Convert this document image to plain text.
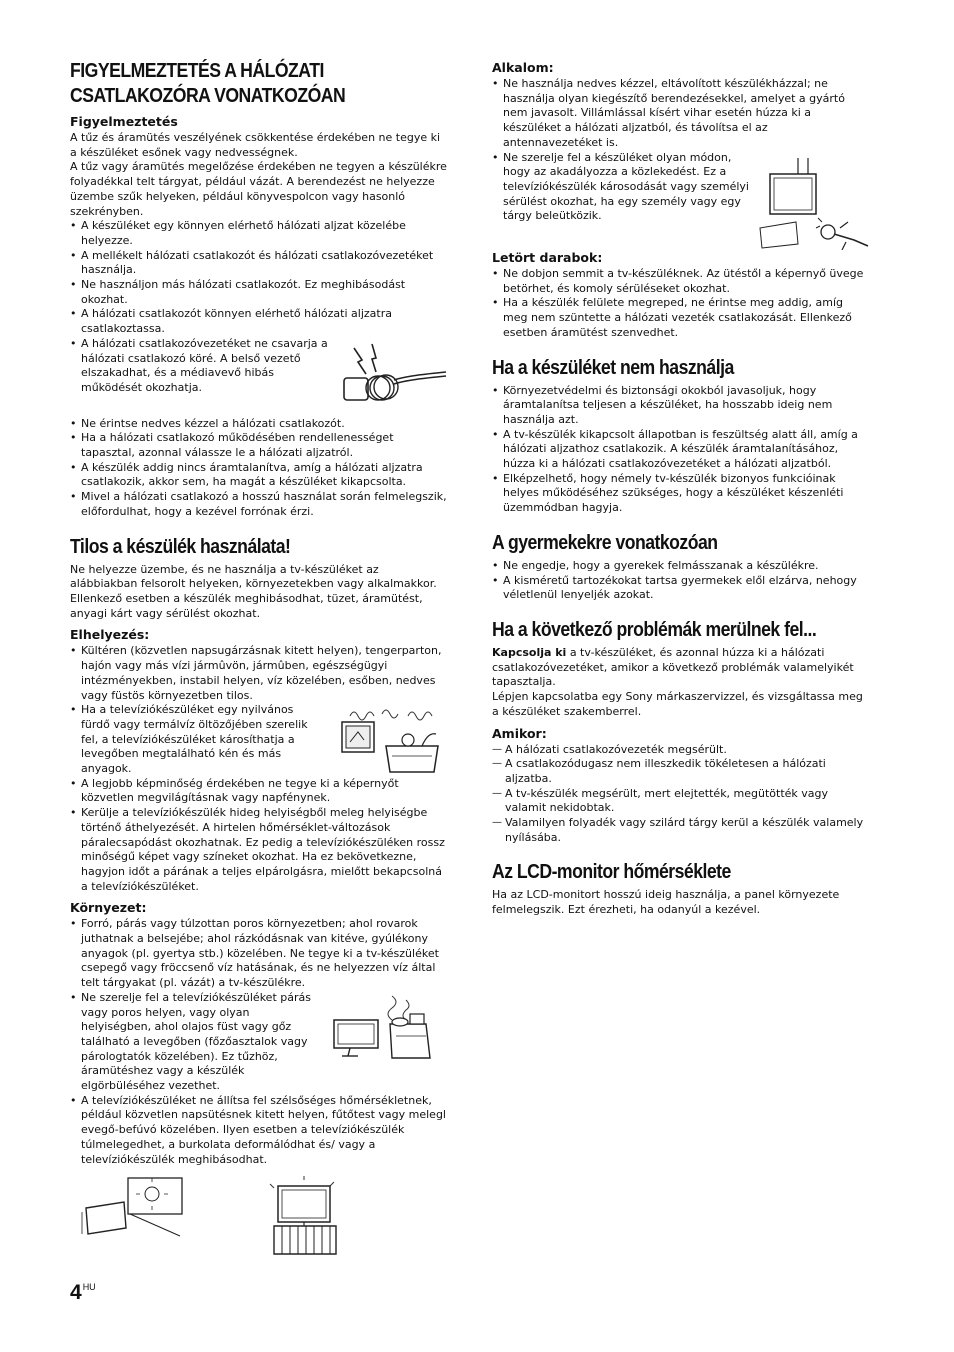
FIGYELMEZTETÉS A HÁLÓZATI CSATLAKOZÓRA VONATKOZÓAN
Figyelmeztetés

A tűz és áramütés veszélyének csökkentése érdekében ne tegye ki a készüléket esőnek vagy nedvességnek.

A tűz vagy áramütés megelőzése érdekében ne tegyen a készülékre folyadékkal telt tárgyat, például vázát. A berendezést ne helyezze üzembe szűk helyeken, például könyvespolcon vagy hasonló szekrényben.

• A készüléket egy könnyen elérhető hálózati aljzat közelébe helyezze.
• A mellékelt hálózati csatlakozót és hálózati csatlakozóvezetéket használja.
• Ne használjon más hálózati csatlakozót. Ez meghibásodást okozhat.
• A hálózati csatlakozót könnyen elérhető hálózati aljzatra csatlakoztassa.
• A hálózati csatlakozóvezetéket ne csavarja a hálózati csatlakozó köré. A belső vezető elszakadhat, és a médiavevő hibás működését okozhatja.
• Ne érintse nedves kézzel a hálózati csatlakozót.
• Ha a hálózati csatlakozó működésében rendellenességet tapasztal, azonnal válassze le a hálózati aljzatról.
• A készülék addig nincs áramtalanítva, amíg a hálózati aljzatra csatlakozik, akkor sem, ha magát a készüléket kikapcsolta.
• Mivel a hálózati csatlakozó a hosszú használat során felmelegszik, előfordulhat, hogy a kezével forrónak érzi.
Tilos a készülék használata!

Ne helyezze üzembe, és ne használja a tv-készüléket az alábbiakban felsorolt helyeken, környezetekben vagy alkalmakkor. Ellenkező esetben a készülék meghibásodhat, tüzet, áramütést, anyagi kárt vagy sérülést okozhat.

Elhelyezés:
• Kültéren (közvetlen napsugárzásnak kitett helyen), tengerparton, hajón vagy más vízi jármûvön, jármûben, egészségügyi intézményekben, instabil helyen, víz közelében, esőben, nedves vagy füstös környezetben tilos.
• Ha a televíziókészüléket egy nyilvános fürdő vagy termálvíz öltözőjében szerelik fel, a televíziókészüléket károsíthatja a levegőben megtalálható kén és más anyagok.
• A legjobb képminőség érdekében ne tegye ki a képernyőt közvetlen megvilágításnak vagy napfénynek.
• Kerülje a televíziókészülék hideg helyiségből meleg helyiségbe történő áthelyezését. A hirtelen hőmérséklet-változások páralecsapódást okozhatnak. Ez pedig a televíziókészüléken rossz minőségű képet vagy színeket okozhat. Ha ez bekövetkezne, hagyjon időt a párának a teljes elpárolgásra, mielőtt bekapcsolná a televíziókészüléket.
Környezet:
• Forró, párás vagy túlzottan poros környezetben; ahol rovarok juthatnak a belsejébe; ahol rázkódásnak van kitéve, gyúlékony anyagok (pl. gyertya stb.) közelében. Ne tegye ki a tv-készüléket csepegő vagy fröccsenő víz hatásának, és ne helyezzen víz által telt tárgyakat (pl. vázát) a tv-készülékre.
• Ne szerelje fel a televíziókészüléket párás vagy poros helyen, vagy olyan helyiségben, ahol olajos füst vagy gőz található a levegőben (főzőasztalok vagy párologtatók közelében). Ez tűzhöz, áramütéshez vagy a készülék elgörbüléséhez vezethet.
• A televíziókészüléket ne állítsa fel szélsőséges hőmérsékletnek, például közvetlen napsütésnek kitett helyen, fűtőtest vagy melegl evegő-befúvó közelében. Ilyen esetben a televíziókészülék túlmelegedhet, a burkolata deformálódhat és/ vagy a televíziókészülék meghibásodhat.
Alkalom:
• Ne használja nedves kézzel, eltávolított készülékházzal; ne használja olyan kiegészítő berendezésekkel, amelyet a gyártó nem javasolt. Villámlással kísért vihar esetén húzza ki a készüléket a hálózati aljzatból, és távolítsa el az antennavezetéket is.
• Ne szerelje fel a készüléket olyan módon, hogy az akadályozza a közlekedést. Ez a televíziókészülék károsodását vagy személyi sérülést okozhat, ha egy személy vagy egy tárgy beleütközik.
Letört darabok:
• Ne dobjon semmit a tv-készüléknek. Az ütéstől a képernyő üvege betörhet, és komoly sérüléseket okozhat.
• Ha a készülék felülete megreped, ne érintse meg addig, amíg meg nem szüntette a hálózati vezeték csatlakozását. Ellenkező esetben áramütést szenvedhet.
Ha a készüléket nem használja
• Környezetvédelmi és biztonsági okokból javasoljuk, hogy áramtalanítsa teljesen a készüléket, ha hosszabb ideig nem használja azt.
• A tv-készülék kikapcsolt állapotban is feszültség alatt áll, amíg a hálózati aljzathoz csatlakozik. A készülék áramtalanításához, húzza ki a hálózati csatlakozóvezetéket a hálózati aljzatból.
• Elképzelhető, hogy némely tv-készülék bizonyos funkcióinak helyes működéséhez szükséges, hogy a készüléket készenléti üzemmódban hagyja.
A gyermekekre vonatkozóan
• Ne engedje, hogy a gyerekek felmásszanak a készülékre.
• A kisméretű tartozékokat tartsa gyermekek elől elzárva, nehogy véletlenül lenyeljék azokat.
Ha a következő problémák merülnek fel...

Kapcsolja ki a tv-készüléket, és azonnal húzza ki a hálózati csatlakozóvezetéket, amikor a következő problémák valamelyikét tapasztalja.

Lépjen kapcsolatba egy Sony márkaszervizzel, és vizsgáltassa meg a készüléket szakemberrel.

Amikor:
— A hálózati csatlakozóvezeték megsérült.
— A csatlakozódugasz nem illeszkedik tökéletesen a hálózati aljzatba.
— A tv-készülék megsérült, mert elejtették, megütötték vagy valamit nekidobtak.
— Valamilyen folyadék vagy szilárd tárgy kerül a készülék valamely nyílásába.
Az LCD-monitor hőmérséklete

Ha az LCD-monitort hosszú ideig használja, a panel környezete felmelegszik. Ezt érezheti, ha odanyúl a kezével.

$4^{HU}$
